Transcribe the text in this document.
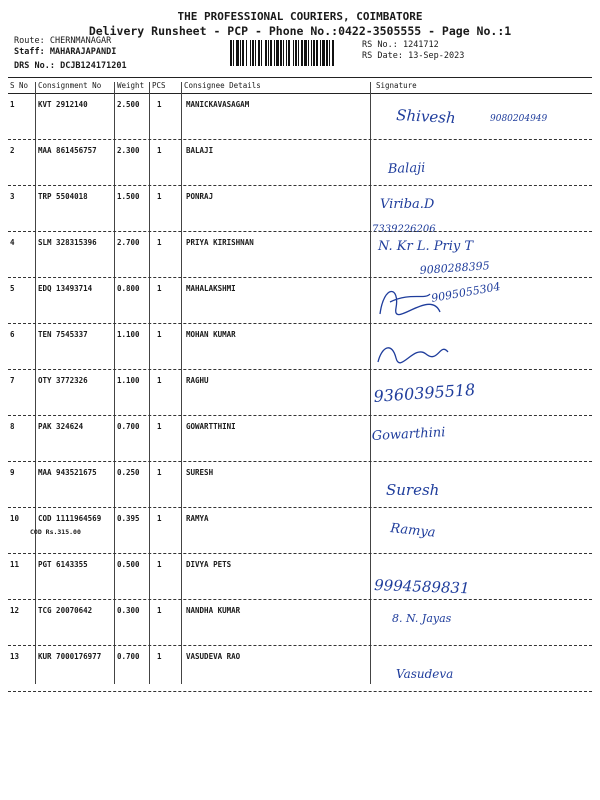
THE PROFESSIONAL COURIERS, COIMBATORE
Delivery Runsheet - PCP - Phone No.:0422-3505555 - Page No.:1
Route: CHERNMANAGAR
Staff: MAHARAJAPANDI
DRS No.: DCJB124171201
RS No.: 1241712
RS Date: 13-Sep-2023
S No Consignment No Weight PCS Consignee Details	Signature
1	KVT 2912140	2.500 1	MANICKAVASAGAM
Shivesh	9080204949
2	MAA 861456757	2.300 1	BALAJI
Balaji
3	TRP 5504018	1.500 1	PONRAJ
Viriba.D
7339226206
4	SLM 328315396	2.700 1	PRIYA KIRISHNAN	N. Kr L. Priy T
9080288395
5	EDQ 13493714	0.800 1	MAHALAKSHMI	9095055304
6	TEN 7545337	1.100 1	MOHAN KUMAR
7	OTY 3772326	1.100 1	RAGHU	9360395518
8	PAK 324624	0.700 1	GOWARTTHINI	Gowarthini
9	MAA 943521675	0.250 1	SURESH
Suresh
10	COD 1111964569 0.395 1	RAMYA
COD Rs.315.00	Ramya
11	PGT 6143355	0.500 1	DIVYA PETS
9994589831
12	TCG 20070642	0.300 1	NANDHA KUMAR
8. N. Jayas
13	KUR 7000176977 0.700 1	VASUDEVA RAO
Vasudeva
